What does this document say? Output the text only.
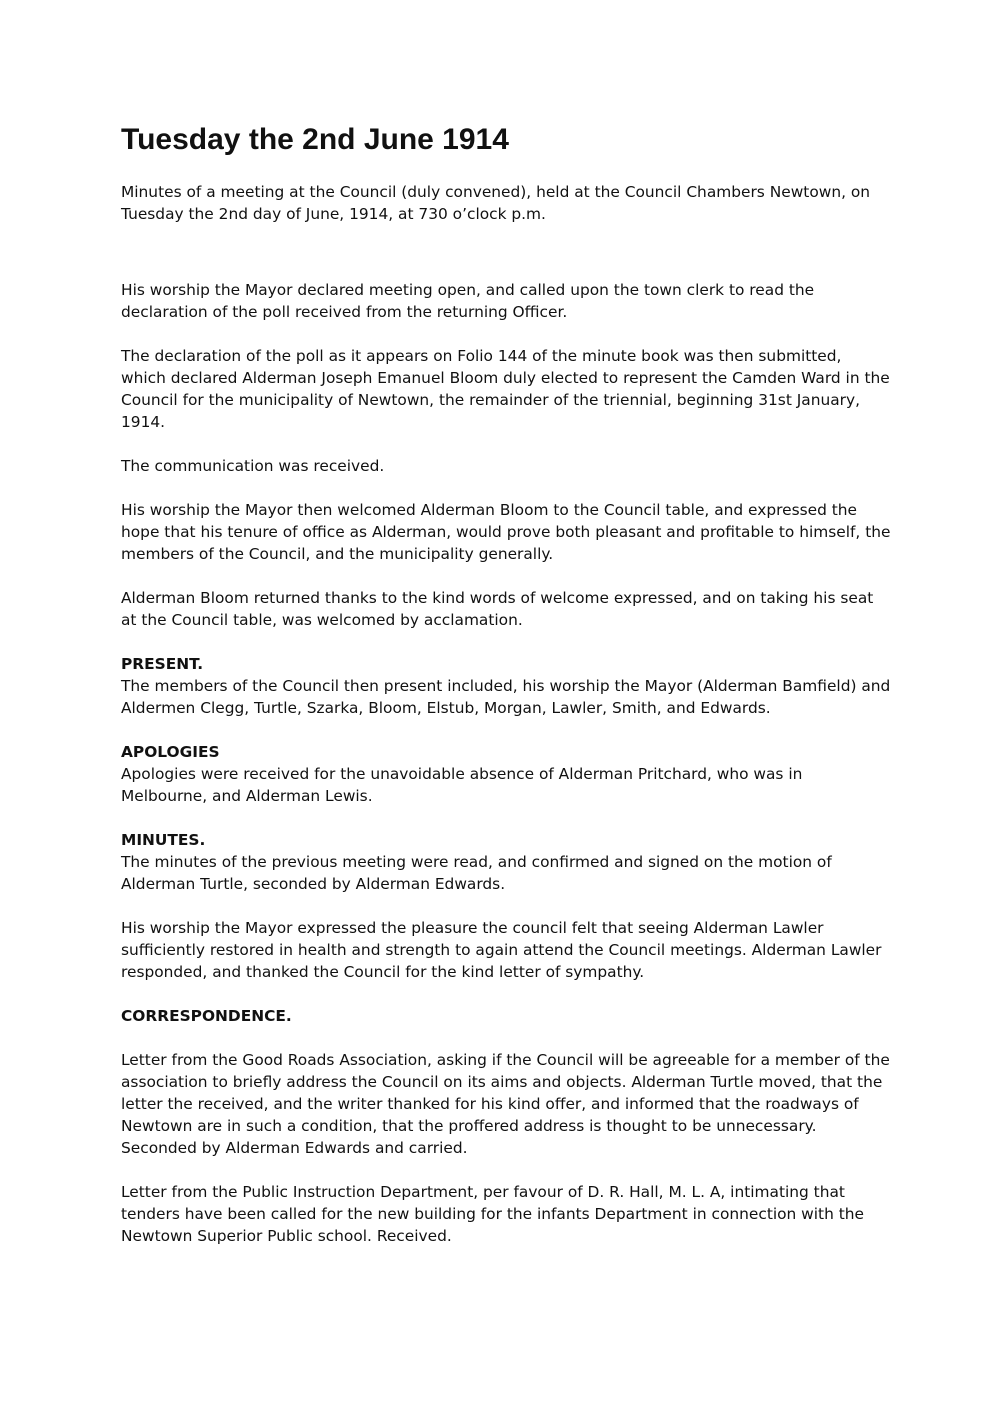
Tuesday the 2nd June 1914

Minutes of a meeting at the Council (duly convened), held at the Council Chambers Newtown, on Tuesday the 2nd day of June, 1914, at 730 o’clock p.m.

His worship the Mayor declared meeting open, and called upon the town clerk to read the declaration of the poll received from the returning Officer.

The declaration of the poll as it appears on Folio 144 of the minute book was then submitted, which declared Alderman Joseph Emanuel Bloom duly elected to represent the Camden Ward in the Council for the municipality of Newtown, the remainder of the triennial, beginning 31st January, 1914.

The communication was received.

His worship the Mayor then welcomed Alderman Bloom to the Council table, and expressed the hope that his tenure of office as Alderman, would prove both pleasant and profitable to himself, the members of the Council, and the municipality generally.

Alderman Bloom returned thanks to the kind words of welcome expressed, and on taking his seat at the Council table, was welcomed by acclamation.

PRESENT.

The members of the Council then present included, his worship the Mayor (Alderman Bamfield) and Aldermen Clegg, Turtle, Szarka, Bloom, Elstub, Morgan, Lawler, Smith, and Edwards.

APOLOGIES

Apologies were received for the unavoidable absence of Alderman Pritchard, who was in Melbourne, and Alderman Lewis.

MINUTES.

The minutes of the previous meeting were read, and confirmed and signed on the motion of Alderman Turtle, seconded by Alderman Edwards.

His worship the Mayor expressed the pleasure the council felt that seeing Alderman Lawler sufficiently restored in health and strength to again attend the Council meetings. Alderman Lawler responded, and thanked the Council for the kind letter of sympathy.

CORRESPONDENCE.

Letter from the Good Roads Association, asking if the Council will be agreeable for a member of the association to briefly address the Council on its aims and objects. Alderman Turtle moved, that the letter the received, and the writer thanked for his kind offer, and informed that the roadways of Newtown are in such a condition, that the proffered address is thought to be unnecessary. Seconded by Alderman Edwards and carried.

Letter from the Public Instruction Department, per favour of D. R. Hall, M. L. A, intimating that tenders have been called for the new building for the infants Department in connection with the Newtown Superior Public school. Received.
